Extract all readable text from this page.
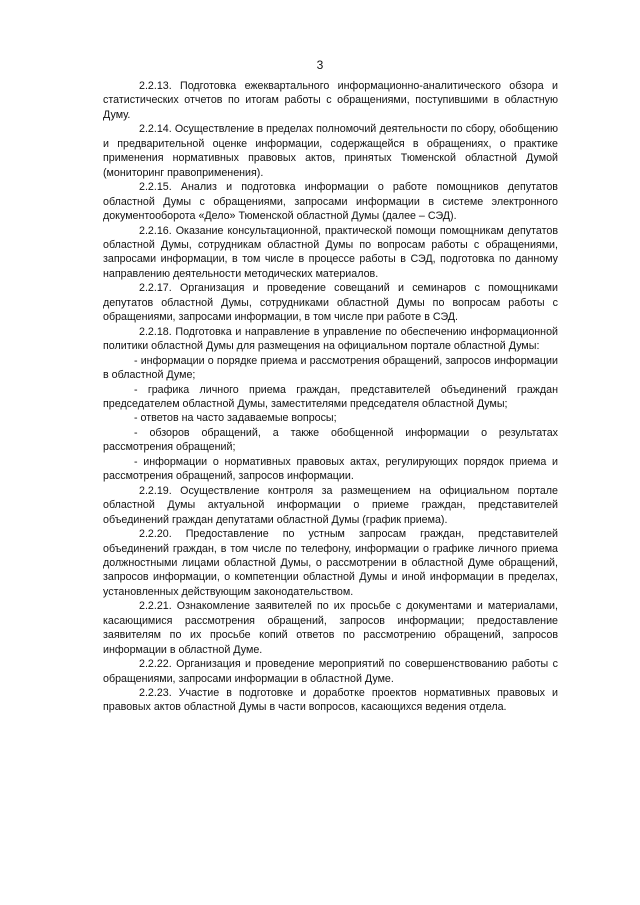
3

2.2.13. Подготовка ежеквартального информационно-аналитического обзора и статистических отчетов по итогам работы с обращениями, поступившими в областную Думу.

2.2.14. Осуществление в пределах полномочий деятельности по сбору, обобщению и предварительной оценке информации, содержащейся в обращениях, о практике применения нормативных правовых актов, принятых Тюменской областной Думой (мониторинг правоприменения).

2.2.15. Анализ и подготовка информации о работе помощников депутатов областной Думы с обращениями, запросами информации в системе электронного документооборота «Дело» Тюменской областной Думы (далее – СЭД).

2.2.16. Оказание консультационной, практической помощи помощникам депутатов областной Думы, сотрудникам областной Думы по вопросам работы с обращениями, запросами информации, в том числе в процессе работы в СЭД, подготовка по данному направлению деятельности методических материалов.

2.2.17. Организация и проведение совещаний и семинаров с помощниками депутатов областной Думы, сотрудниками областной Думы по вопросам работы с обращениями, запросами информации, в том числе при работе в СЭД.

2.2.18. Подготовка и направление в управление по обеспечению информационной политики областной Думы для размещения на официальном портале областной Думы:

- информации о порядке приема и рассмотрения обращений, запросов информации в областной Думе;

- графика личного приема граждан, представителей объединений граждан председателем областной Думы, заместителями председателя областной Думы;

- ответов на часто задаваемые вопросы;

- обзоров обращений, а также обобщенной информации о результатах рассмотрения обращений;

- информации о нормативных правовых актах, регулирующих порядок приема и рассмотрения обращений, запросов информации.

2.2.19. Осуществление контроля за размещением на официальном портале областной Думы актуальной информации о приеме граждан, представителей объединений граждан депутатами областной Думы (график приема).

2.2.20. Предоставление по устным запросам граждан, представителей объединений граждан, в том числе по телефону, информации о графике личного приема должностными лицами областной Думы, о рассмотрении в областной Думе обращений, запросов информации, о компетенции областной Думы и иной информации в пределах, установленных действующим законодательством.

2.2.21. Ознакомление заявителей по их просьбе с документами и материалами, касающимися рассмотрения обращений, запросов информации; предоставление заявителям по их просьбе копий ответов по рассмотрению обращений, запросов информации в областной Думе.

2.2.22. Организация и проведение мероприятий по совершенствованию работы с обращениями, запросами информации в областной Думе.

2.2.23. Участие в подготовке и доработке проектов нормативных правовых и правовых актов областной Думы в части вопросов, касающихся ведения отдела.
